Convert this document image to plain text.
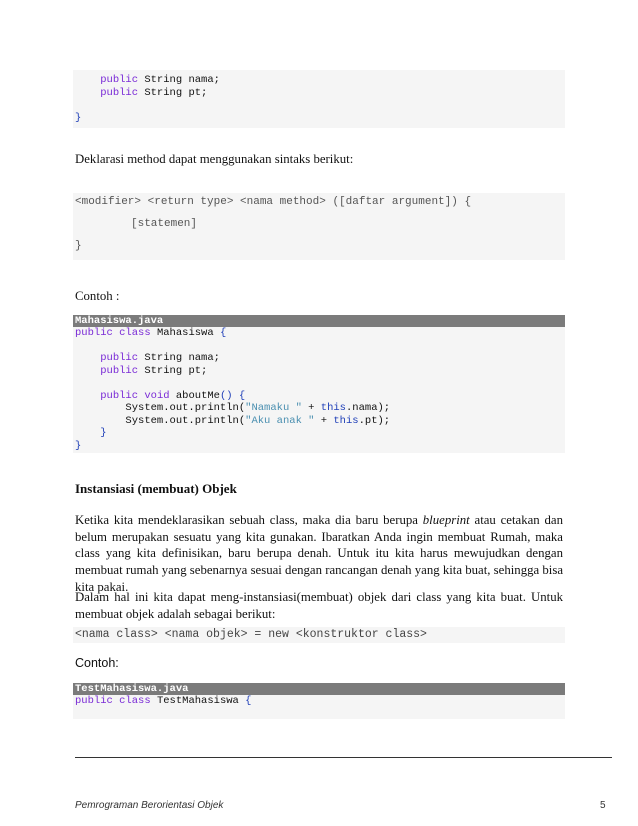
public String nama;
public String pt;

}
Deklarasi method dapat menggunakan sintaks berikut:
<modifier> <return type> <nama method> ([daftar argument]) {
[statemen]
}
Contoh :
Mahasiswa.java
public class Mahasiswa {

public String nama;
public String pt;

public void aboutMe() {
System.out.println("Namaku " + this.nama);
System.out.println("Aku anak " + this.pt);
}
}
Instansiasi (membuat) Objek
Ketika kita mendeklarasikan sebuah class, maka dia baru berupa blueprint atau cetakan dan belum merupakan sesuatu yang kita gunakan. Ibaratkan Anda ingin membuat Rumah, maka class yang kita definisikan, baru berupa denah. Untuk itu kita harus mewujudkan dengan membuat rumah yang sebenarnya sesuai dengan rancangan denah yang kita buat, sehingga bisa kita pakai.
Dalam hal ini kita dapat meng-instansiasi(membuat) objek dari class yang kita buat. Untuk membuat objek adalah sebagai berikut:
<nama class> <nama objek> = new <konstruktor class>
Contoh:
TestMahasiswa.java
public class TestMahasiswa {
Pemrograman Berorientasi Objek	5
